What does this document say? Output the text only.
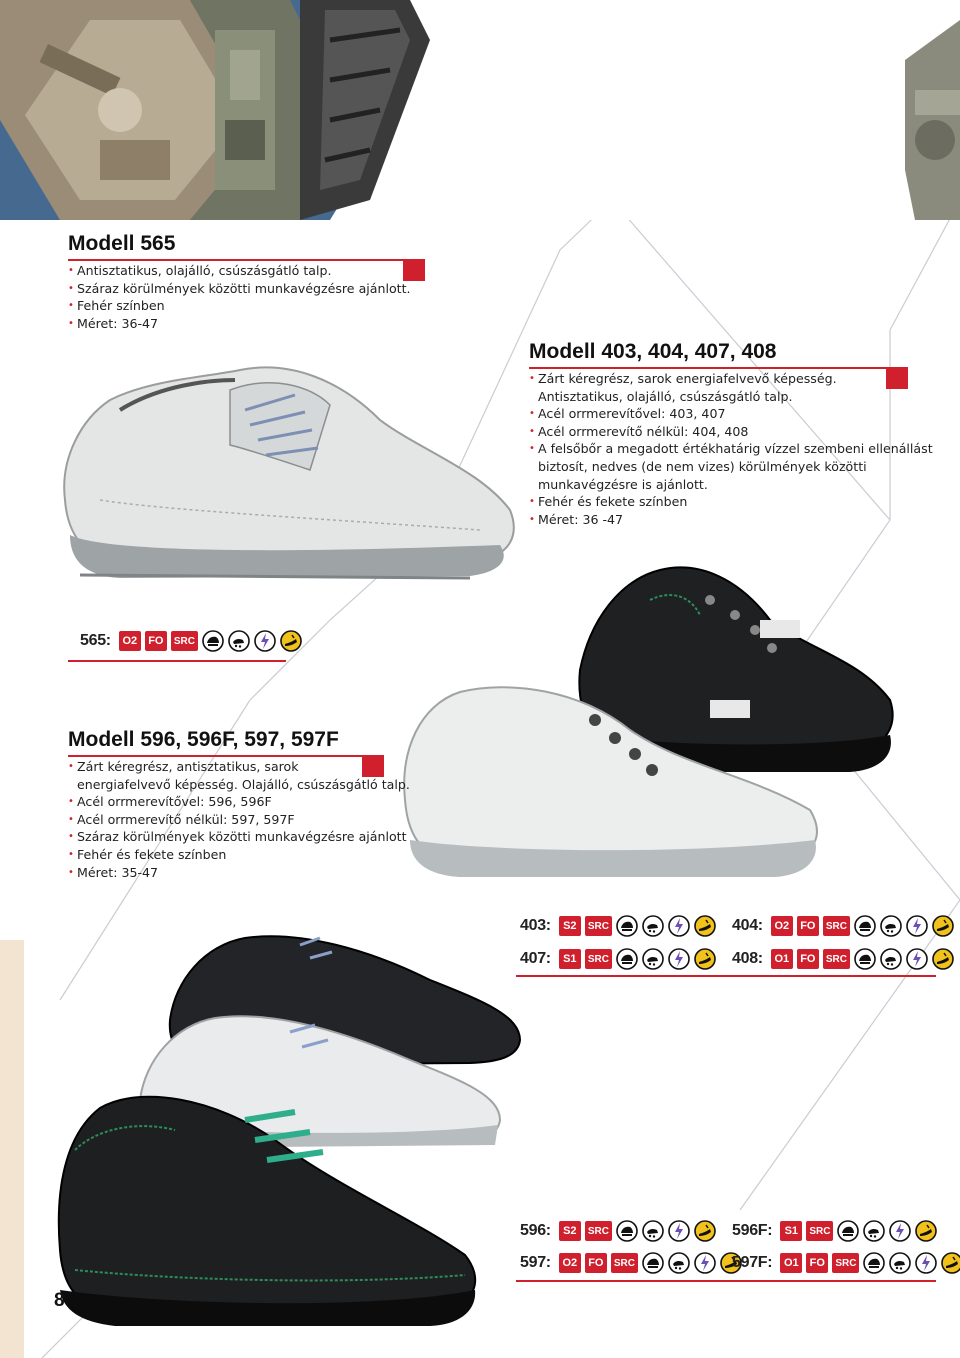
Modell 565
• Antisztatikus, olajálló, csúszásgátló talp.
• Száraz körülmények közötti munkavégzésre ajánlott.
• Fehér színben
• Méret: 36-47
565:	O2	FO	SRC
Modell 403, 404, 407, 408
• Zárt kéregrész, sarok energiafelvevő képesség.
Antisztatikus, olajálló, csúszásgátló talp.
• Acél orrmerevítővel: 403, 407
• Acél orrmerevítő nélkül: 404, 408
• A felsőbőr a megadott értékhatárig vízzel szembeni ellenállást
biztosít, nedves (de nem vizes) körülmények közötti
munkavégzésre is ajánlott.
• Fehér és fekete színben
• Méret: 36 -47
403:	S2	SRC	404:	O2	FO	SRC
407:	S1	SRC	408:	O1	FO	SRC
Modell 596, 596F, 597, 597F
• Zárt kéregrész, antisztatikus, sarok
energiafelvevő képesség. Olajálló, csúszásgátló talp.
• Acél orrmerevítővel: 596, 596F
• Acél orrmerevítő nélkül: 597, 597F
• Száraz körülmények közötti munkavégzésre ajánlott
• Fehér és fekete színben
• Méret: 35-47
596:	S2	SRC	596F:	S1	SRC
597:	O2	FO	SRC	597F:	O1	FO	SRC
8
